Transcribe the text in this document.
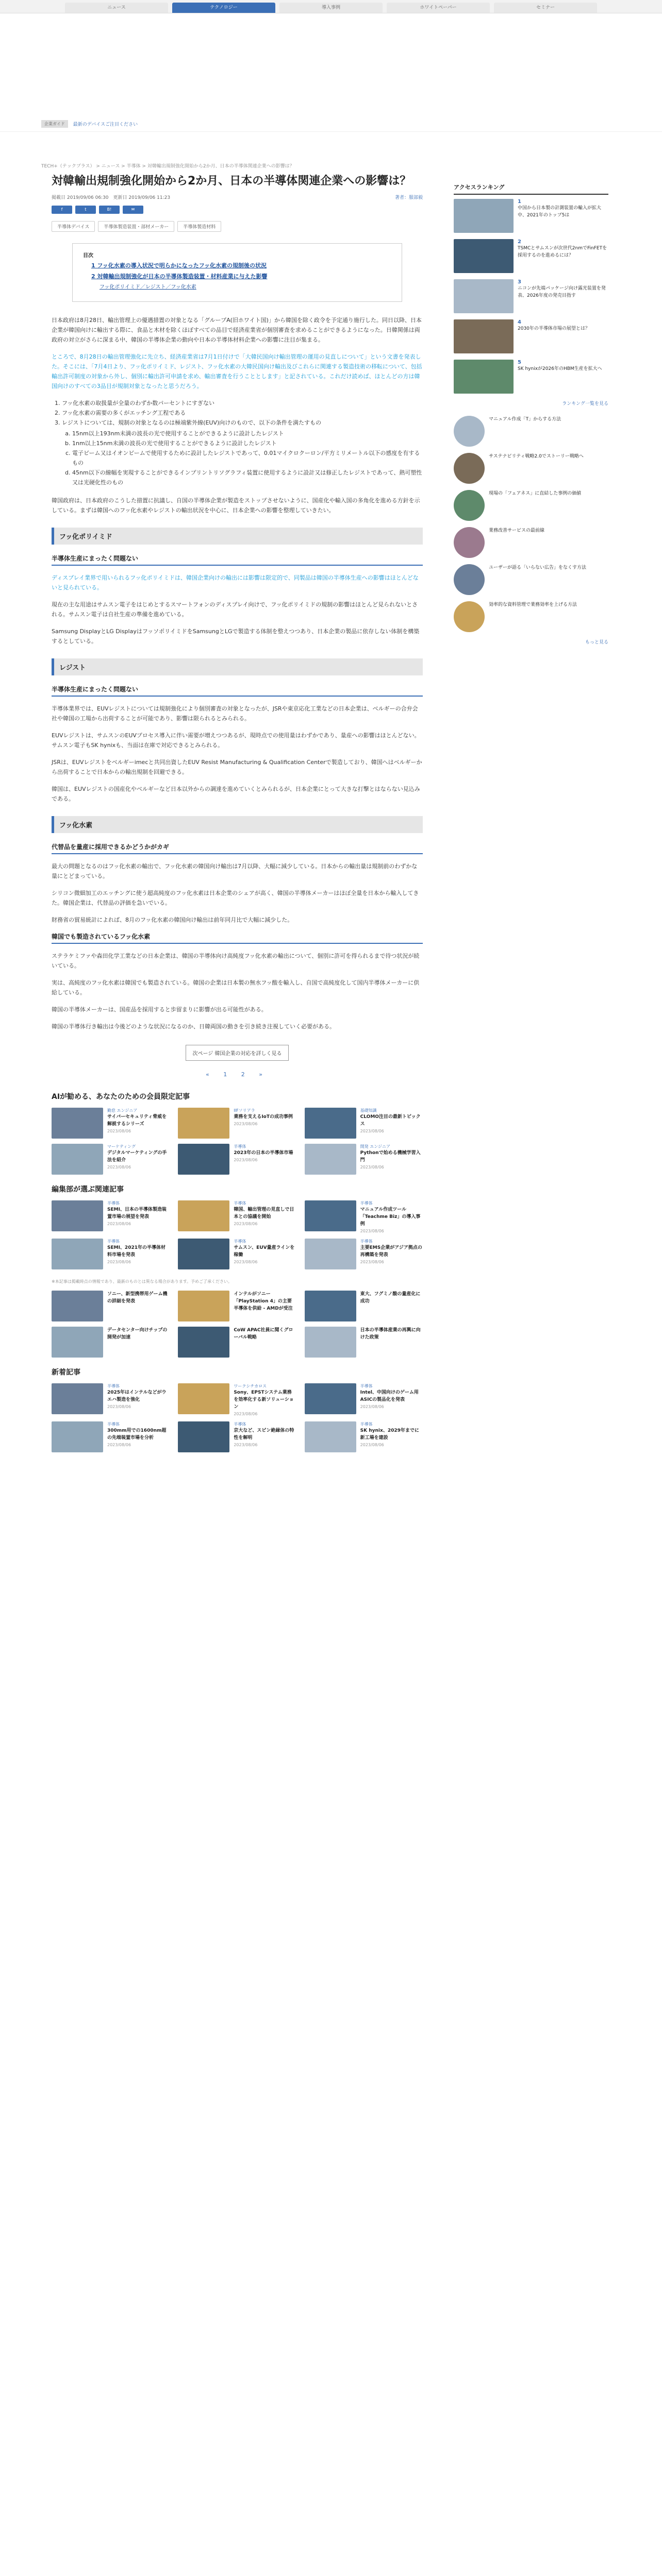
ニュース	テクノロジー	導入事例	ホワイトペーパー	セミナー
企業ガイド	最新のデバイスご注目ください
TECH+（テックプラス） > ニュース > 半導体 > 対韓輸出規制強化開始から2か月、日本の半導体関連企業への影響は？
対韓輸出規制強化開始から2か月、日本の半導体関連企業への影響は？
掲載日 2019/09/06 06:30　更新日 2019/09/06 11:23	著者：服部毅
f	t	B!	✉
半導体デバイス	半導体製造装置・部材メーカー	半導体製造材料
目次
1 フッ化水素の導入状況で明らかになったフッ化水素の規制後の状況
2 対韓輸出規制強化が日本の半導体製造装置・材料産業に与えた影響
フッ化ポリイミド／レジスト／フッ化水素

日本政府は8月28日、輸出管理上の優遇措置の対象となる「グループA(旧ホワイト国)」から韓国を除く政令を予定通り施行した。同日以降、日本企業が韓国向けに輸出する際に、食品と木材を除くほぼすべての品目で経済産業省が個別審査を求めることができるようになった。日韓関係は両政府の対立がさらに深まる中、韓国の半導体企業の動向や日本の半導体材料企業への影響に注目が集まる。

ところで、8月28日の輸出管理強化に先立ち、経済産業省は7月1日付けで「大韓民国向け輸出管理の運用の見直しについて」という文書を発表した。そこには、「7月4日より、フッ化ポリイミド、レジスト、フッ化水素の大韓民国向け輸出及びこれらに関連する製造技術の移転について、包括輸出許可制度の対象から外し、個別に輸出許可申請を求め、輸出審査を行うこととします」と記されている。これだけ読めば、ほとんどの方は韓国向けのすべての3品目が規制対象となったと思うだろう。

1. フッ化水素の取扱量が全量のわずか数パーセントにすぎない
2. フッ化水素の需要の多くがエッチング工程である
3. レジストについては、規制の対象となるのは極端紫外線(EUV)向けのもので、以下の条件を満たすもの
a. 15nm以上193nm未満の波長の光で使用することができるように設計したレジスト
b. 1nm以上15nm未満の波長の光で使用することができるように設計したレジスト
c. 電子ビーム又はイオンビームで使用するために設計したレジストであって、0.01マイクロクーロン/平方ミリメートル以下の感度を有するもの
d. 45nm以下の線幅を実現することができるインプリントリソグラフィ装置に使用するように設計又は修正したレジストであって、熱可塑性又は光硬化性のもの

韓国政府は、日本政府のこうした措置に抗議し、自国の半導体企業が製造をストップさせないように、国産化や輸入国の多角化を進める方針を示している。まずは韓国へのフッ化水素やレジストの輸出状況を中心に、日本企業への影響を整理していきたい。

フッ化ポリイミド
半導体生産にまったく問題ない

ディスプレイ業界で用いられるフッ化ポリイミドは、韓国企業向けの輸出には影響は限定的で、同製品は韓国の半導体生産への影響はほとんどないと見られている。

現在の主な用途はサムスン電子をはじめとするスマートフォンのディスプレイ向けで、フッ化ポリイミドの規制の影響はほとんど見られないとされる。サムスン電子は自社生産の準備を進めている。

Samsung DisplayとLG DisplayはフッソポリイミドをSamsungとLGで製造する体制を整えつつあり、日本企業の製品に依存しない体制を構築するとしている。

レジスト
半導体生産にまったく問題ない

半導体業界では、EUVレジストについては規制強化により個別審査の対象となったが、JSRや東京応化工業などの日本企業は、ベルギーの合弁会社や韓国の工場から出荷することが可能であり、影響は限られるとみられる。

EUVレジストは、サムスンのEUVプロセス導入に伴い需要が増えつつあるが、現時点での使用量はわずかであり、量産への影響はほとんどない。サムスン電子もSK hynixも、当面は在庫で対応できるとみられる。

JSRは、EUVレジストをベルギーimecと共同出資したEUV Resist Manufacturing & Qualification Centerで製造しており、韓国へはベルギーから出荷することで日本からの輸出規制を回避できる。

韓国は、EUVレジストの国産化やベルギーなど日本以外からの調達を進めていくとみられるが、日本企業にとって大きな打撃とはならない見込みである。

フッ化水素
代替品を量産に採用できるかどうかがカギ

最大の問題となるのはフッ化水素の輸出で、フッ化水素の韓国向け輸出は7月以降、大幅に減少している。日本からの輸出量は規制前のわずかな量にとどまっている。

シリコン微細加工のエッチングに使う超高純度のフッ化水素は日本企業のシェアが高く、韓国の半導体メーカーはほぼ全量を日本から輸入してきた。韓国企業は、代替品の評価を急いでいる。

財務省の貿易統計によれば、8月のフッ化水素の韓国向け輸出は前年同月比で大幅に減少した。

韓国でも製造されているフッ化水素

ステラケミファや森田化学工業などの日本企業は、韓国の半導体向け高純度フッ化水素の輸出について、個別に許可を得られるまで待つ状況が続いている。

実は、高純度のフッ化水素は韓国でも製造されている。韓国の企業は日本製の無水フッ酸を輸入し、自国で高純度化して国内半導体メーカーに供給している。

韓国の半導体メーカーは、国産品を採用すると歩留まりに影響が出る可能性がある。

韓国の半導体行き輸出は今後どのような状況になるのか、日韓両国の動きを引き続き注視していく必要がある。

次ページ 韓国企業の対応を詳しく見る
« 1 2 »
AIが勧める、あなたのための会員限定記事
勤怠 エンジニア
サイバーセキュリティ脅威を解説するシリーズ
2023/08/06
IIFソリアラ
業務を支えるIoTの成功事例
2023/08/06
基礎知識
CLOMO注目の最新トピックス
2023/08/06
マーケティング
デジタルマーケティングの手法を紹介
2023/08/06
半導体
2023年の日本の半導体市場
2023/08/06
開発 エンジニア
Pythonで始める機械学習入門
2023/08/06
編集部が選ぶ関連記事
半導体
SEMI、日本の半導体製造装置市場の展望を発表
2023/08/06
半導体
韓国、輸出管理の見直しで日本との協議を開始
2023/08/06
半導体
マニュアル作成ツール「Teachme Biz」の導入事例
2023/08/06
半導体
SEMI、2021年の半導体材料市場を発表
2023/08/06
半導体
サムスン、EUV量産ラインを稼働
2023/08/06
半導体
主要EMS企業がアジア拠点の再構築を発表
2023/08/06
※本記事は掲載時点の情報であり、最新のものとは異なる場合があります。予めご了承ください。
ソニー、新型携帯用ゲーム機の詳細を発表
インテルがソニー「PlayStation 4」の主要半導体を供給 - AMDが受注
東大、フグミノ酸の量産化に成功
データセンター向けチップの開発が加速
CoW APAC社員に聞くグローバル戦略
日本の半導体産業の再興に向けた政策
新着記事
半導体
2025年はインテルなどがウエハ製造を強化
2023/08/06
ワークシチカロス
Sony、EPSTシステム業務を効率化する新ソリューション
2023/08/06
半導体
Intel、中国向けのゲーム用ASICの製品化を発表
2023/08/06
半導体
300mm用での1600nm超の先端装置市場を分析
2023/08/06
半導体
京大など、スピン絶縁体の特性を解明
2023/08/06
半導体
SK hynix、2029年までに新工場を建設
2023/08/06
アクセスランキング
1
中国から日本製の計測装置の輸入が拡大中、2021年のトップ5は
2
TSMCとサムスンが次世代2nmでFinFETを採用するのを進めるには？
3
ニコンが先端パッケージ向け露光装置を発表、2026年度の発売目指す
4
2030年の半導体市場の展望とは？
5
SK hynixが2026年のHBM生産を拡大へ
ランキング一覧を見る
マニュアル作成「T」からする方法
サステナビリティ戦略2.0でストーリー戦略へ
現場の「フェアネス」に直結した事例の価値
業務改善サービスの最前線
ユーザーが語る「いらない広告」をなくす方法
効率的な資料管理で業務効率を上げる方法
もっと見る
